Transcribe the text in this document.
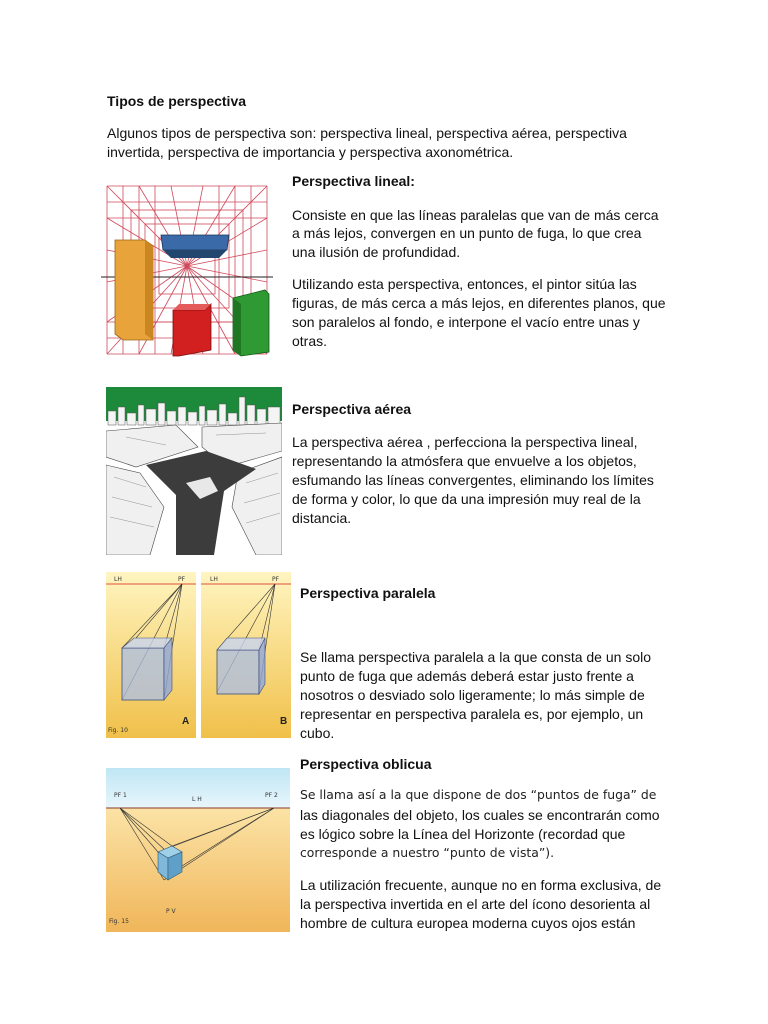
Tipos de perspectiva
Algunos tipos de perspectiva son: perspectiva lineal, perspectiva aérea, perspectiva
invertida, perspectiva de importancia y perspectiva axonométrica.
Perspectiva lineal:
Consiste en que las líneas paralelas que van de más cerca
a más lejos, convergen en un punto de fuga, lo que crea
una ilusión de profundidad.
Utilizando esta perspectiva, entonces, el pintor sitúa las
figuras, de más cerca a más lejos, en diferentes planos, que
son paralelos al fondo, e interpone el vacío entre unas y
otras.
Perspectiva aérea
La perspectiva aérea , perfecciona la perspectiva lineal,
representando la atmósfera que envuelve a los objetos,
esfumando las líneas convergentes, eliminando los límites
de forma y color, lo que da una impresión muy real de la
distancia.
LH	PF
A
Fig. 10
LH	PF
B
Perspectiva paralela
Se llama perspectiva paralela a la que consta de un solo
punto de fuga que además deberá estar justo frente a
nosotros o desviado solo ligeramente; lo más simple de
representar en perspectiva paralela es, por ejemplo, un
cubo.
PF 1
L H
PF 2
P V
Fig. 15
Perspectiva oblicua
Se llama así a la que dispone de dos “puntos de fuga” de
las diagonales del objeto, los cuales se encontrarán como
es lógico sobre la Línea del Horizonte (recordad que
corresponde a nuestro “punto de vista”).
La utilización frecuente, aunque no en forma exclusiva, de
la perspectiva invertida en el arte del ícono desorienta al
hombre de cultura europea moderna cuyos ojos están
